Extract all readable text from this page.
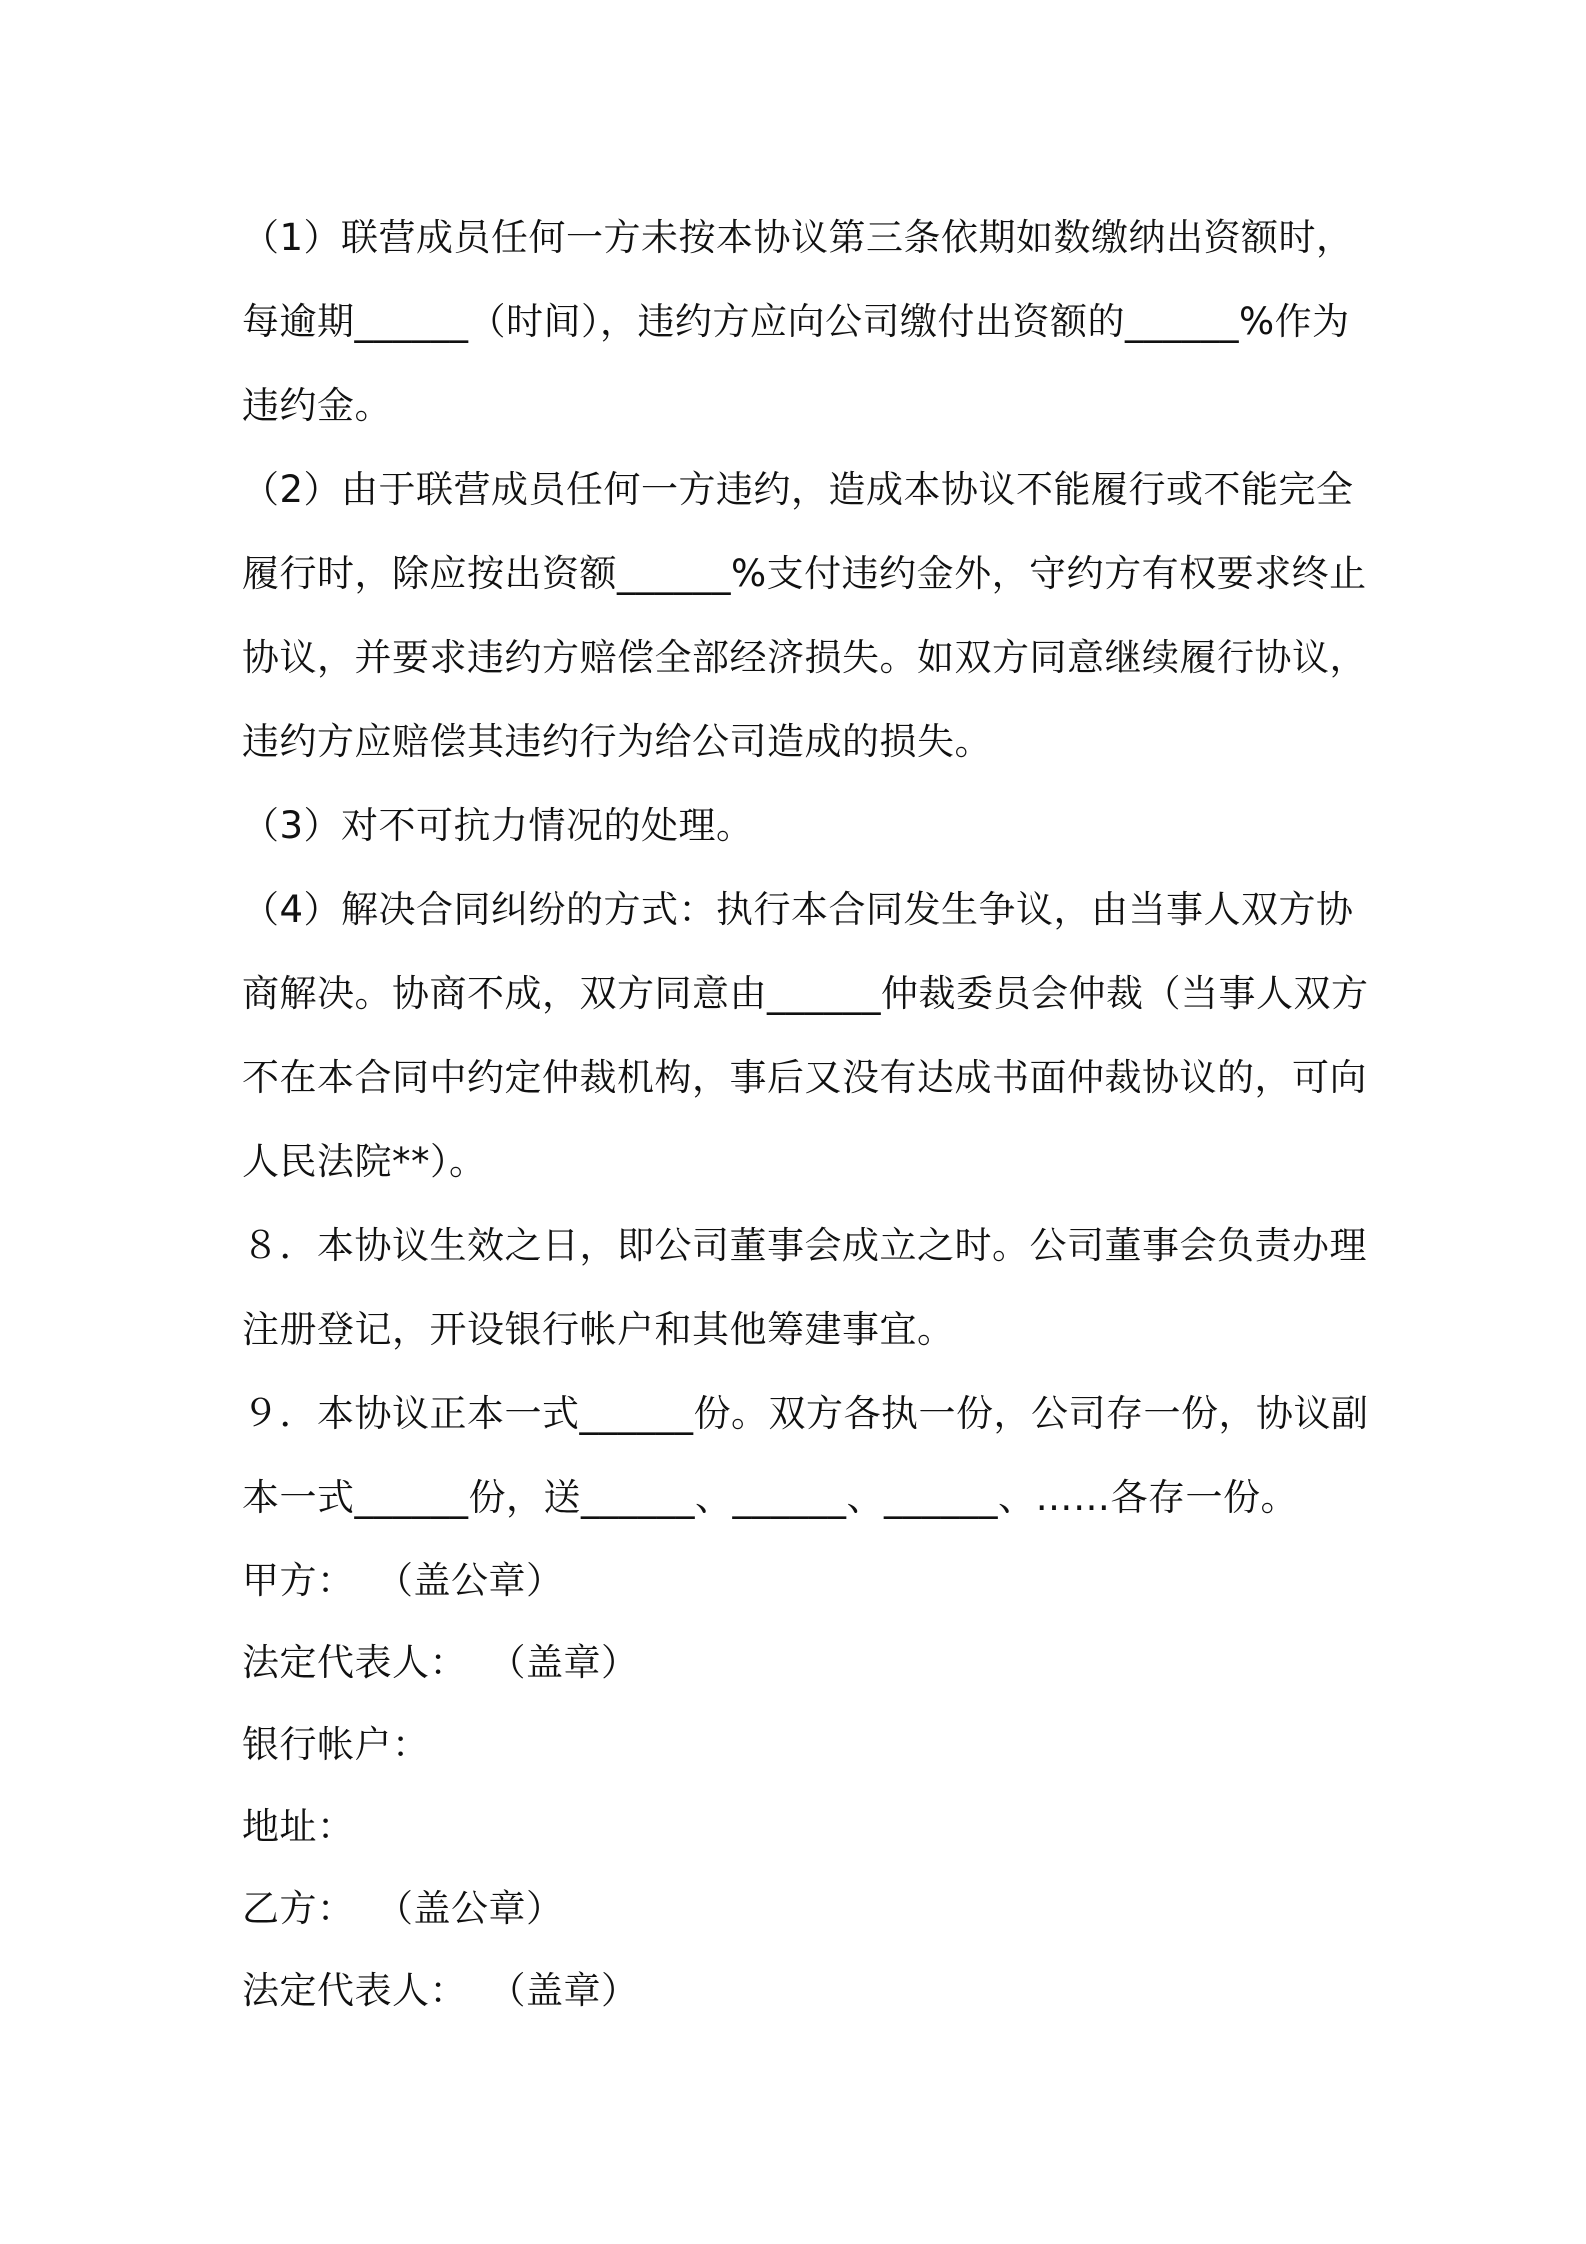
（1）联营成员任何一方未按本协议第三条依期如数缴纳出资额时，
每逾期______（时间），违约方应向公司缴付出资额的______%作为
违约金。
（2）由于联营成员任何一方违约，造成本协议不能履行或不能完全
履行时，除应按出资额______%支付违约金外，守约方有权要求终止
协议，并要求违约方赔偿全部经济损失。如双方同意继续履行协议，
违约方应赔偿其违约行为给公司造成的损失。
（3）对不可抗力情况的处理。
（4）解决合同纠纷的方式：执行本合同发生争议，由当事人双方协
商解决。协商不成，双方同意由______仲裁委员会仲裁（当事人双方
不在本合同中约定仲裁机构，事后又没有达成书面仲裁协议的，可向
人民法院**）。
８．本协议生效之日，即公司董事会成立之时。公司董事会负责办理
注册登记，开设银行帐户和其他筹建事宜。
９．本协议正本一式______份。双方各执一份，公司存一份，协议副
本一式______份，送______、______、______、……各存一份。
甲方： （盖公章）
法定代表人： （盖章）
银行帐户：
地址：
乙方： （盖公章）
法定代表人： （盖章）
